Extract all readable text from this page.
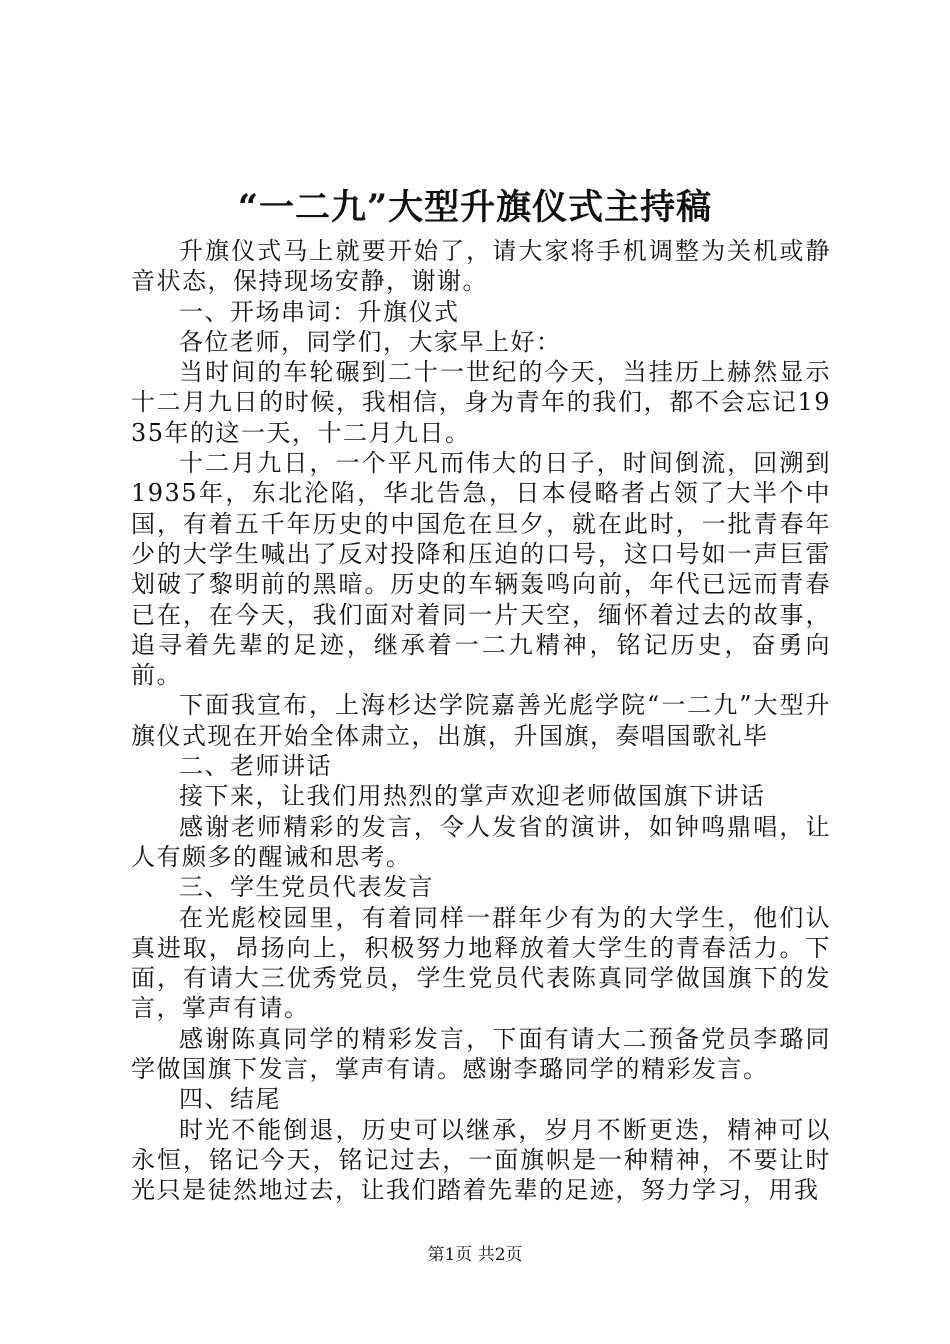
“一二九”大型升旗仪式主持稿

升旗仪式马上就要开始了，请大家将手机调整为关机或静音状态，保持现场安静，谢谢。

一、开场串词：升旗仪式

各位老师，同学们，大家早上好：

当时间的车轮碾到二十一世纪的今天，当挂历上赫然显示十二月九日的时候，我相信，身为青年的我们，都不会忘记1935年的这一天，十二月九日。

十二月九日，一个平凡而伟大的日子，时间倒流，回溯到1935年，东北沦陷，华北告急，日本侵略者占领了大半个中国，有着五千年历史的中国危在旦夕，就在此时，一批青春年少的大学生喊出了反对投降和压迫的口号，这口号如一声巨雷划破了黎明前的黑暗。历史的车辆轰鸣向前，年代已远而青春已在，在今天，我们面对着同一片天空，缅怀着过去的故事，追寻着先辈的足迹，继承着一二九精神，铭记历史，奋勇向前。

下面我宣布，上海杉达学院嘉善光彪学院“一二九”大型升旗仪式现在开始全体肃立，出旗，升国旗，奏唱国歌礼毕

二、老师讲话

接下来，让我们用热烈的掌声欢迎老师做国旗下讲话

感谢老师精彩的发言，令人发省的演讲，如钟鸣鼎唱，让人有颇多的醒诫和思考。

三、学生党员代表发言

在光彪校园里，有着同样一群年少有为的大学生，他们认真进取，昂扬向上，积极努力地释放着大学生的青春活力。下面，有请大三优秀党员，学生党员代表陈真同学做国旗下的发言，掌声有请。

感谢陈真同学的精彩发言，下面有请大二预备党员李璐同学做国旗下发言，掌声有请。感谢李璐同学的精彩发言。

四、结尾

时光不能倒退，历史可以继承，岁月不断更迭，精神可以永恒，铭记今天，铭记过去，一面旗帜是一种精神，不要让时光只是徒然地过去，让我们踏着先辈的足迹，努力学习，用我

第1页 共2页
